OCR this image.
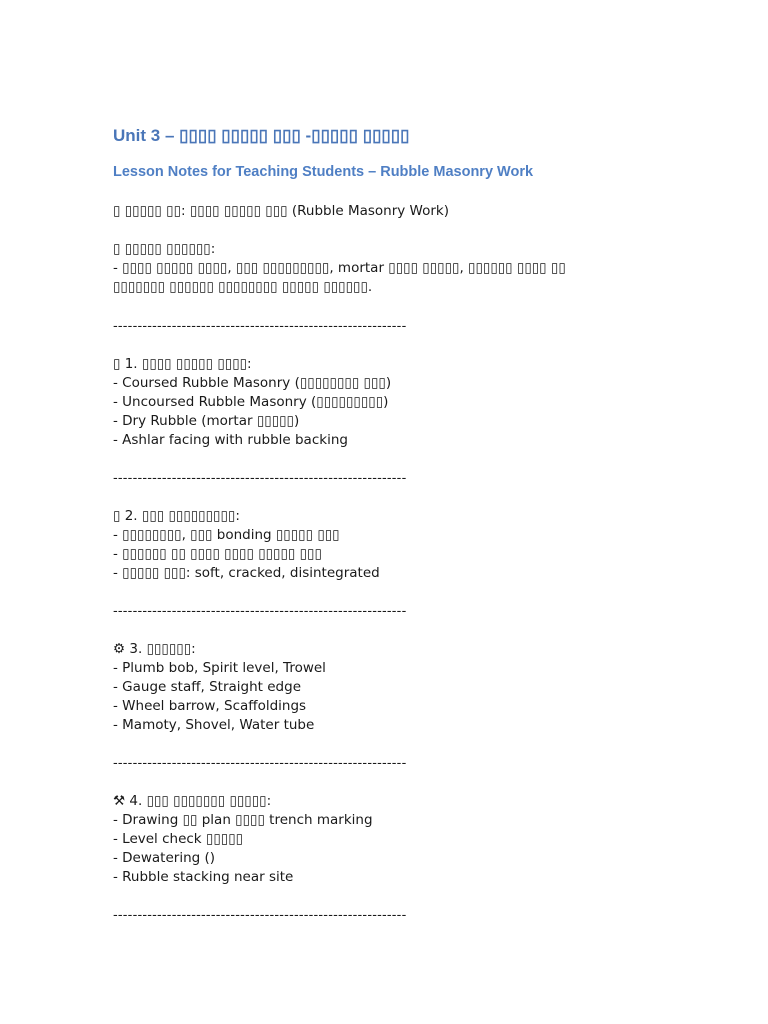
Unit 3 – ▯▯▯▯ ▯▯▯▯▯ ▯▯▯ -▯▯▯▯▯ ▯▯▯▯▯
Lesson Notes for Teaching Students – Rubble Masonry Work
▯ ▯▯▯▯▯ ▯▯: ▯▯▯▯ ▯▯▯▯▯ ▯▯▯ (Rubble Masonry Work)
▯ ▯▯▯▯▯ ▯▯▯▯▯▯:
- ▯▯▯▯ ▯▯▯▯▯ ▯▯▯▯, ▯▯▯ ▯▯▯▯▯▯▯▯▯, mortar ▯▯▯▯ ▯▯▯▯▯, ▯▯▯▯▯▯ ▯▯▯▯ ▯▯
▯▯▯▯▯▯▯ ▯▯▯▯▯▯ ▯▯▯▯▯▯▯▯ ▯▯▯▯▯ ▯▯▯▯▯▯.
------------------------------------------------------------
▯ 1. ▯▯▯▯ ▯▯▯▯▯ ▯▯▯▯:
- Coursed Rubble Masonry (▯▯▯▯▯▯▯▯ ▯▯▯)
- Uncoursed Rubble Masonry (▯▯▯▯▯▯▯▯▯)
- Dry Rubble (mortar ▯▯▯▯▯)
- Ashlar facing with rubble backing
------------------------------------------------------------
▯ 2. ▯▯▯ ▯▯▯▯▯▯▯▯▯:
- ▯▯▯▯▯▯▯▯, ▯▯▯ bonding ▯▯▯▯▯ ▯▯▯
- ▯▯▯▯▯▯ ▯▯ ▯▯▯▯ ▯▯▯▯ ▯▯▯▯▯ ▯▯▯
- ▯▯▯▯▯ ▯▯▯: soft, cracked, disintegrated
------------------------------------------------------------
⚙ 3. ▯▯▯▯▯▯:
- Plumb bob, Spirit level, Trowel
- Gauge staff, Straight edge
- Wheel barrow, Scaffoldings
- Mamoty, Shovel, Water tube
------------------------------------------------------------
⚒ 4. ▯▯▯ ▯▯▯▯▯▯▯ ▯▯▯▯▯:
- Drawing ▯▯ plan ▯▯▯▯ trench marking
- Level check ▯▯▯▯▯
- Dewatering ()
- Rubble stacking near site
------------------------------------------------------------
